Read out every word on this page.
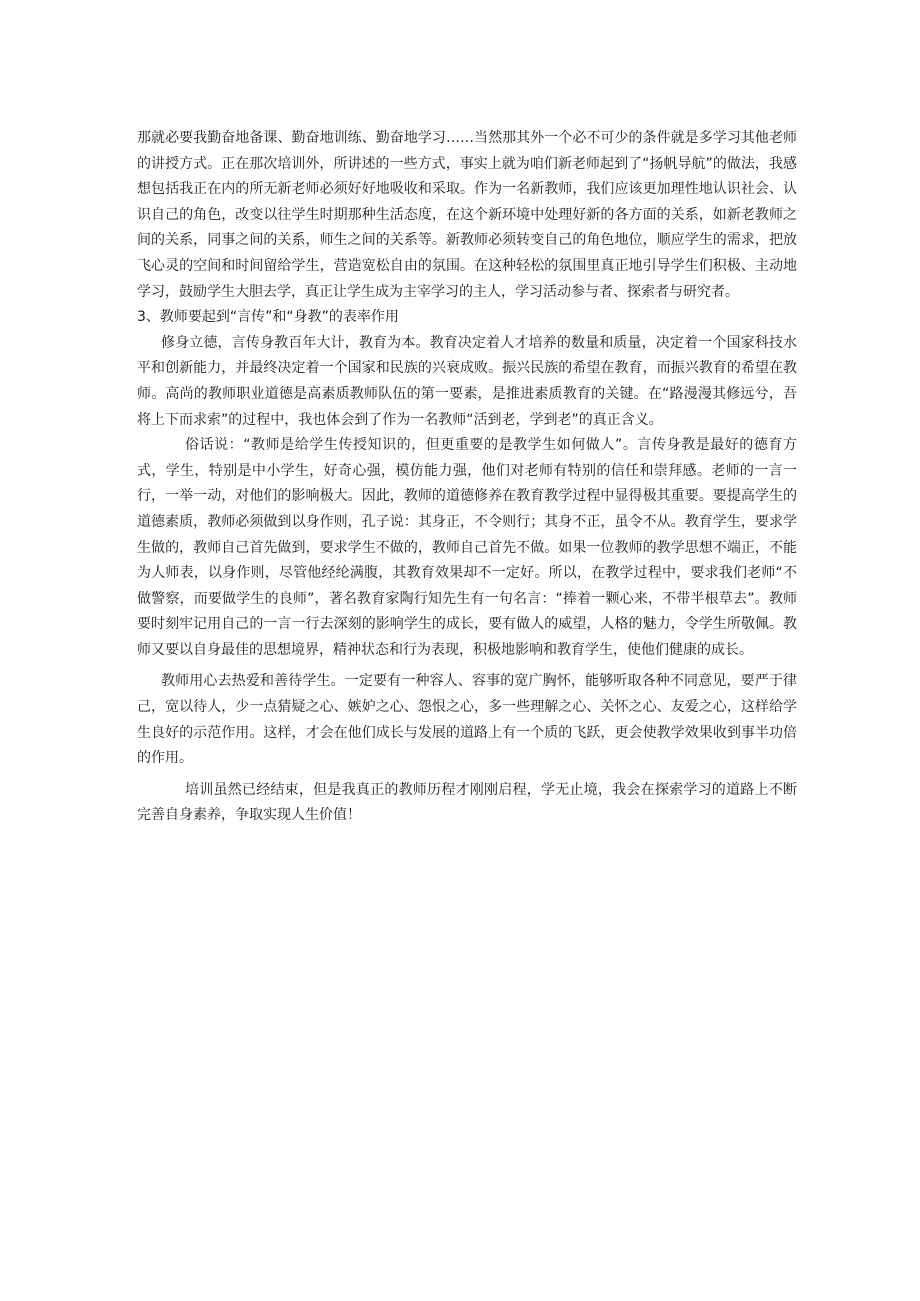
那就必要我勤奋地备课、勤奋地训练、勤奋地学习……当然那其外一个必不可少的条件就是多学习其他老师的讲授方式。正在那次培训外，所讲述的一些方式，事实上就为咱们新老师起到了“扬帆导航”的做法，我感想包括我正在内的所无新老师必须好好地吸收和采取。作为一名新教师，我们应该更加理性地认识社会、认识自己的角色，改变以往学生时期那种生活态度，在这个新环境中处理好新的各方面的关系，如新老教师之间的关系，同事之间的关系，师生之间的关系等。新教师必须转变自己的角色地位，顺应学生的需求，把放飞心灵的空间和时间留给学生，营造宽松自由的氛围。在这种轻松的氛围里真正地引导学生们积极、主动地学习，鼓励学生大胆去学，真正让学生成为主宰学习的主人，学习活动参与者、探索者与研究者。

3、教师要起到“言传”和“身教”的表率作用

修身立德，言传身教百年大计，教育为本。教育决定着人才培养的数量和质量，决定着一个国家科技水平和创新能力，并最终决定着一个国家和民族的兴衰成败。振兴民族的希望在教育，而振兴教育的希望在教师。高尚的教师职业道德是高素质教师队伍的第一要素，是推进素质教育的关键。在“路漫漫其修远兮，吾将上下而求索”的过程中，我也体会到了作为一名教师“活到老，学到老”的真正含义。

俗话说：“教师是给学生传授知识的，但更重要的是教学生如何做人”。言传身教是最好的德育方式，学生，特别是中小学生，好奇心强，模仿能力强，他们对老师有特别的信任和崇拜感。老师的一言一行，一举一动，对他们的影响极大。因此，教师的道德修养在教育教学过程中显得极其重要。要提高学生的道德素质，教师必须做到以身作则，孔子说：其身正，不令则行；其身不正，虽令不从。教育学生，要求学生做的，教师自己首先做到，要求学生不做的，教师自己首先不做。如果一位教师的教学思想不端正，不能为人师表，以身作则，尽管他经纶满腹，其教育效果却不一定好。所以，在教学过程中，要求我们老师“不做警察，而要做学生的良师”，著名教育家陶行知先生有一句名言：“捧着一颗心来，不带半根草去”。教师要时刻牢记用自己的一言一行去深刻的影响学生的成长，要有做人的威望，人格的魅力，令学生所敬佩。教师又要以自身最佳的思想境界，精神状态和行为表现，积极地影响和教育学生，使他们健康的成长。

教师用心去热爱和善待学生。一定要有一种容人、容事的宽广胸怀，能够听取各种不同意见，要严于律己，宽以待人，少一点猜疑之心、嫉妒之心、怨恨之心，多一些理解之心、关怀之心、友爱之心，这样给学生良好的示范作用。这样，才会在他们成长与发展的道路上有一个质的飞跃，更会使教学效果收到事半功倍的作用。

培训虽然已经结束，但是我真正的教师历程才刚刚启程，学无止境，我会在探索学习的道路上不断完善自身素养，争取实现人生价值！
